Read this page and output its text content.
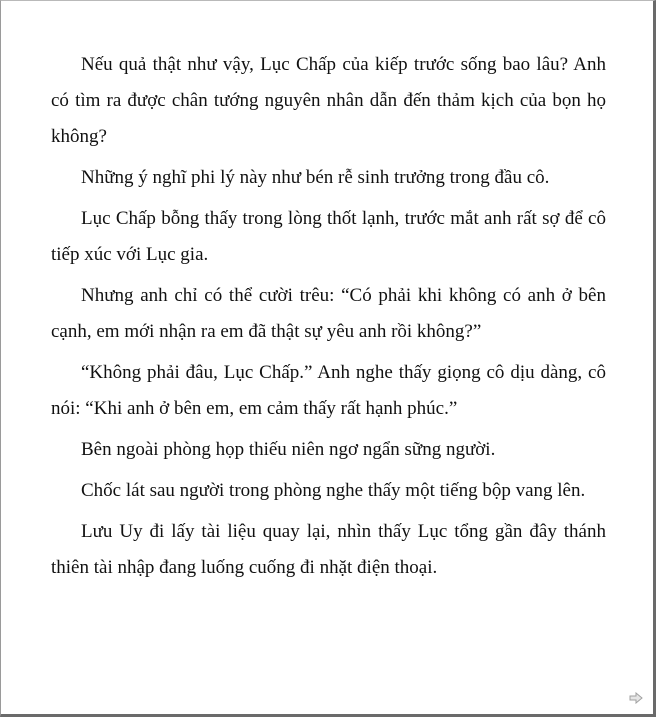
Nếu quả thật như vậy, Lục Chấp của kiếp trước sống bao lâu? Anh có tìm ra được chân tướng nguyên nhân dẫn đến thảm kịch của bọn họ không?

Những ý nghĩ phi lý này như bén rễ sinh trưởng trong đầu cô.

Lục Chấp bỗng thấy trong lòng thốt lạnh, trước mắt anh rất sợ để cô tiếp xúc với Lục gia.

Nhưng anh chỉ có thể cười trêu: “Có phải khi không có anh ở bên cạnh, em mới nhận ra em đã thật sự yêu anh rồi không?”

“Không phải đâu, Lục Chấp.” Anh nghe thấy giọng cô dịu dàng, cô nói: “Khi anh ở bên em, em cảm thấy rất hạnh phúc.”

Bên ngoài phòng họp thiếu niên ngơ ngẩn sững người.

Chốc lát sau người trong phòng nghe thấy một tiếng bộp vang lên.

Lưu Uy đi lấy tài liệu quay lại, nhìn thấy Lục tổng gần đây thánh thiên tài nhập đang luống cuống đi nhặt điện thoại.
